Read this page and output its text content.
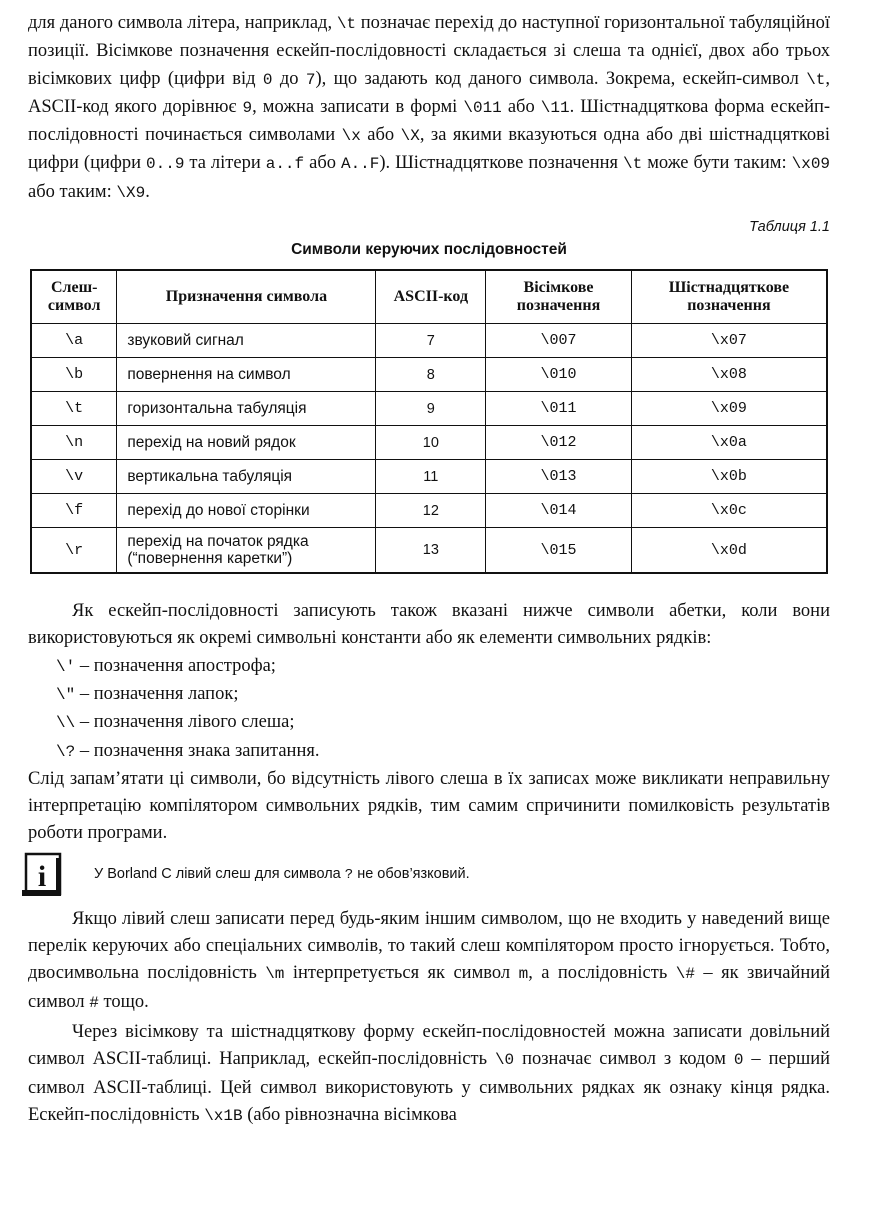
для даного символа літера, наприклад, \t позначає перехід до наступної горизонтальної табуляційної позиції. Вісімкове позначення ескейп-послідовності складається зі слеша та однієї, двох або трьох вісімкових цифр (цифри від 0 до 7), що задають код даного символа. Зокрема, ескейп-символ \t, ASCII-код якого дорівнює 9, можна записати в формі \011 або \11. Шістнадцяткова форма ескейп-послідовності починається символами \x або \X, за якими вказуються одна або дві шістнадцяткові цифри (цифри 0..9 та літери a..f або A..F). Шістнадцяткове позначення \t може бути таким: \x09 або таким: \X9.

Таблиця 1.1
Символи керуючих послідовностей
Слеш-символ	Призначення символа	ASCII-код	Вісімкове позначення	Шістнадцяткове позначення
\a	звуковий сигнал	7	\007	\x07
\b	повернення на символ	8	\010	\x08
\t	горизонтальна табуляція	9	\011	\x09
\n	перехід на новий рядок	10	\012	\x0a
\v	вертикальна табуляція	11	\013	\x0b
\f	перехід до нової сторінки	12	\014	\x0c
\r	перехід на початок рядка (“повернення каретки”)	13	\015	\x0d

Як ескейп-послідовності записують також вказані нижче символи абетки, коли вони використовуються як окремі символьні константи або як елементи символьних рядків:

\' – позначення апострофа;
\" – позначення лапок;
\\ – позначення лівого слеша;
\? – позначення знака запитання.

Слід запам’ятати ці символи, бо відсутність лівого слеша в їх записах може викликати неправильну інтерпретацію компілятором символьних рядків, тим самим спричинити помилковість результатів роботи програми.

i	У Borland C лівий слеш для символа ? не обов’язковий.

Якщо лівий слеш записати перед будь-яким іншим символом, що не входить у наведений вище перелік керуючих або спеціальних символів, то такий слеш компілятором просто ігнорується. Тобто, двосимвольна послідовність \m інтерпретується як символ m, а послідовність \# – як звичайний символ # тощо.

Через вісімкову та шістнадцяткову форму ескейп-послідовностей можна записати довільний символ ASCII-таблиці. Наприклад, ескейп-послідовність \0 позначає символ з кодом 0 – перший символ ASCII-таблиці. Цей символ використовують у символьних рядках як ознаку кінця рядка. Ескейп-послідовність \x1B (або рівнозначна вісімкова
